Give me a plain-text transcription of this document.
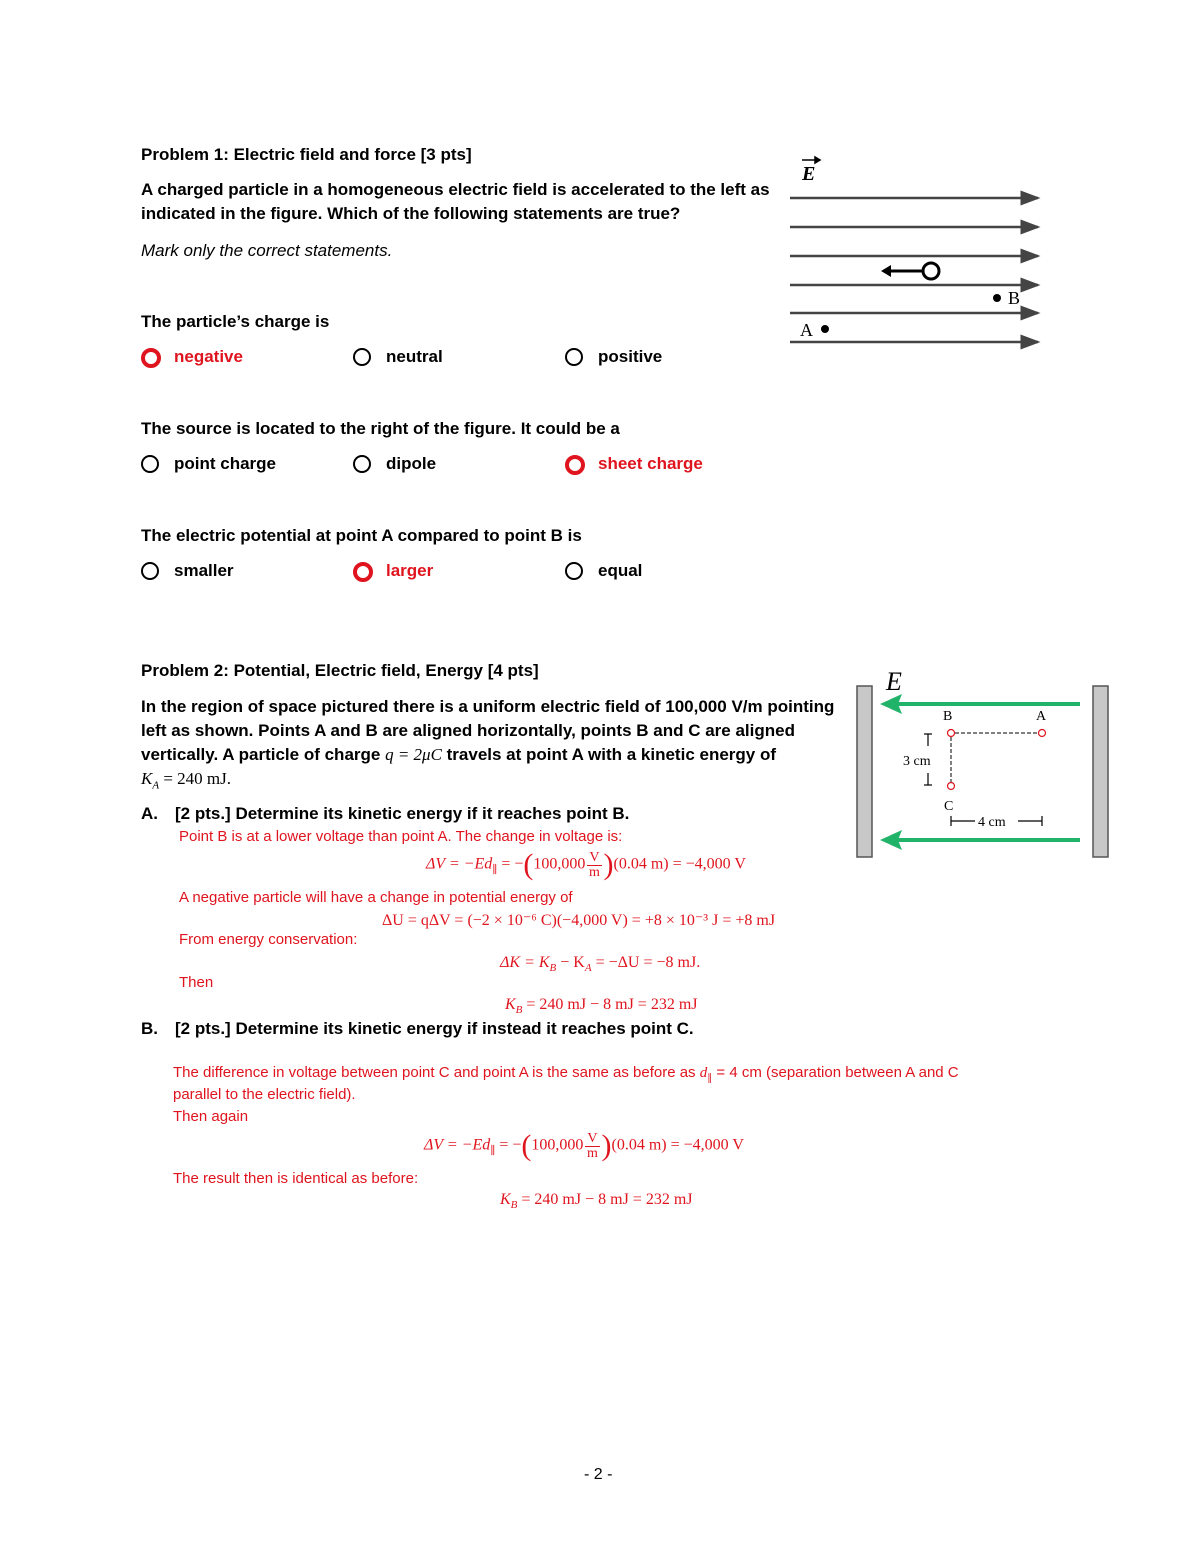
Problem 1: Electric field and force [3 pts]
A charged particle in a homogeneous electric field is accelerated to the left as
indicated in the figure. Which of the following statements are true?
Mark only the correct statements.
E
B
A
The particle’s charge is
negative	neutral	positive
The source is located to the right of the figure. It could be a
point charge	dipole	sheet charge
The electric potential at point A compared to point B is
smaller	larger	equal
Problem 2: Potential, Electric field, Energy [4 pts]
In the region of space pictured there is a uniform electric field of 100,000 V/m pointing
left as shown. Points A and B are aligned horizontally, points B and C are aligned
vertically. A particle of charge q = 2μC travels at point A with a kinetic energy of
$K_A = 240$ mJ.
E
B	A
C
3 cm
4 cm
A. [2 pts.] Determine its kinetic energy if it reaches point B.
Point B is at a lower voltage than point A. The change in voltage is:
$\Delta V = -Ed_\parallel = -(100,000 \frac{V}{m} )(0.04$ m) = −4,000 V
A negative particle will have a change in potential energy of
ΔU = qΔV = (−2 × 10⁻⁶ C)(−4,000 V) = +8 × 10⁻³ J = +8 mJ
From energy conservation:
$\Delta K = K_B - K_A = -\Delta U = -8$ mJ.
Then
$K_B = 240$ mJ − 8 mJ = 232 mJ
B. [2 pts.] Determine its kinetic energy if instead it reaches point C.
The difference in voltage between point C and point A is the same as before as $d_\parallel = 4$ cm (separation between A and C
parallel to the electric field).
Then again
$\Delta V = -Ed_\parallel = -(100,000 \frac{V}{m} )(0.04$ m) = −4,000 V
The result then is identical as before:
$K_B = 240$ mJ − 8 mJ = 232 mJ
- 2 -
